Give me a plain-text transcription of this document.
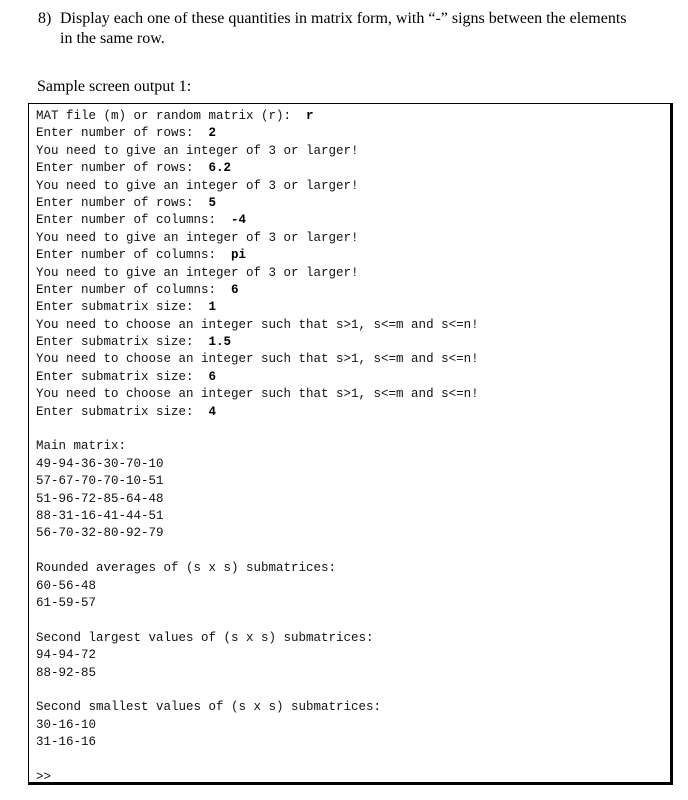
8) Display each one of these quantities in matrix form, with “-” signs between the elements
in the same row.
Sample screen output 1:
MAT file (m) or random matrix (r):  r
Enter number of rows:  2
You need to give an integer of 3 or larger!
Enter number of rows:  6.2
You need to give an integer of 3 or larger!
Enter number of rows:  5
Enter number of columns:  -4
You need to give an integer of 3 or larger!
Enter number of columns:  pi
You need to give an integer of 3 or larger!
Enter number of columns:  6
Enter submatrix size:  1
You need to choose an integer such that s>1, s<=m and s<=n!
Enter submatrix size:  1.5
You need to choose an integer such that s>1, s<=m and s<=n!
Enter submatrix size:  6
You need to choose an integer such that s>1, s<=m and s<=n!
Enter submatrix size:  4
Main matrix:
49-94-36-30-70-10
57-67-70-70-10-51
51-96-72-85-64-48
88-31-16-41-44-51
56-70-32-80-92-79
Rounded averages of (s x s) submatrices:
60-56-48
61-59-57
Second largest values of (s x s) submatrices:
94-94-72
88-92-85
Second smallest values of (s x s) submatrices:
30-16-10
31-16-16
>>
